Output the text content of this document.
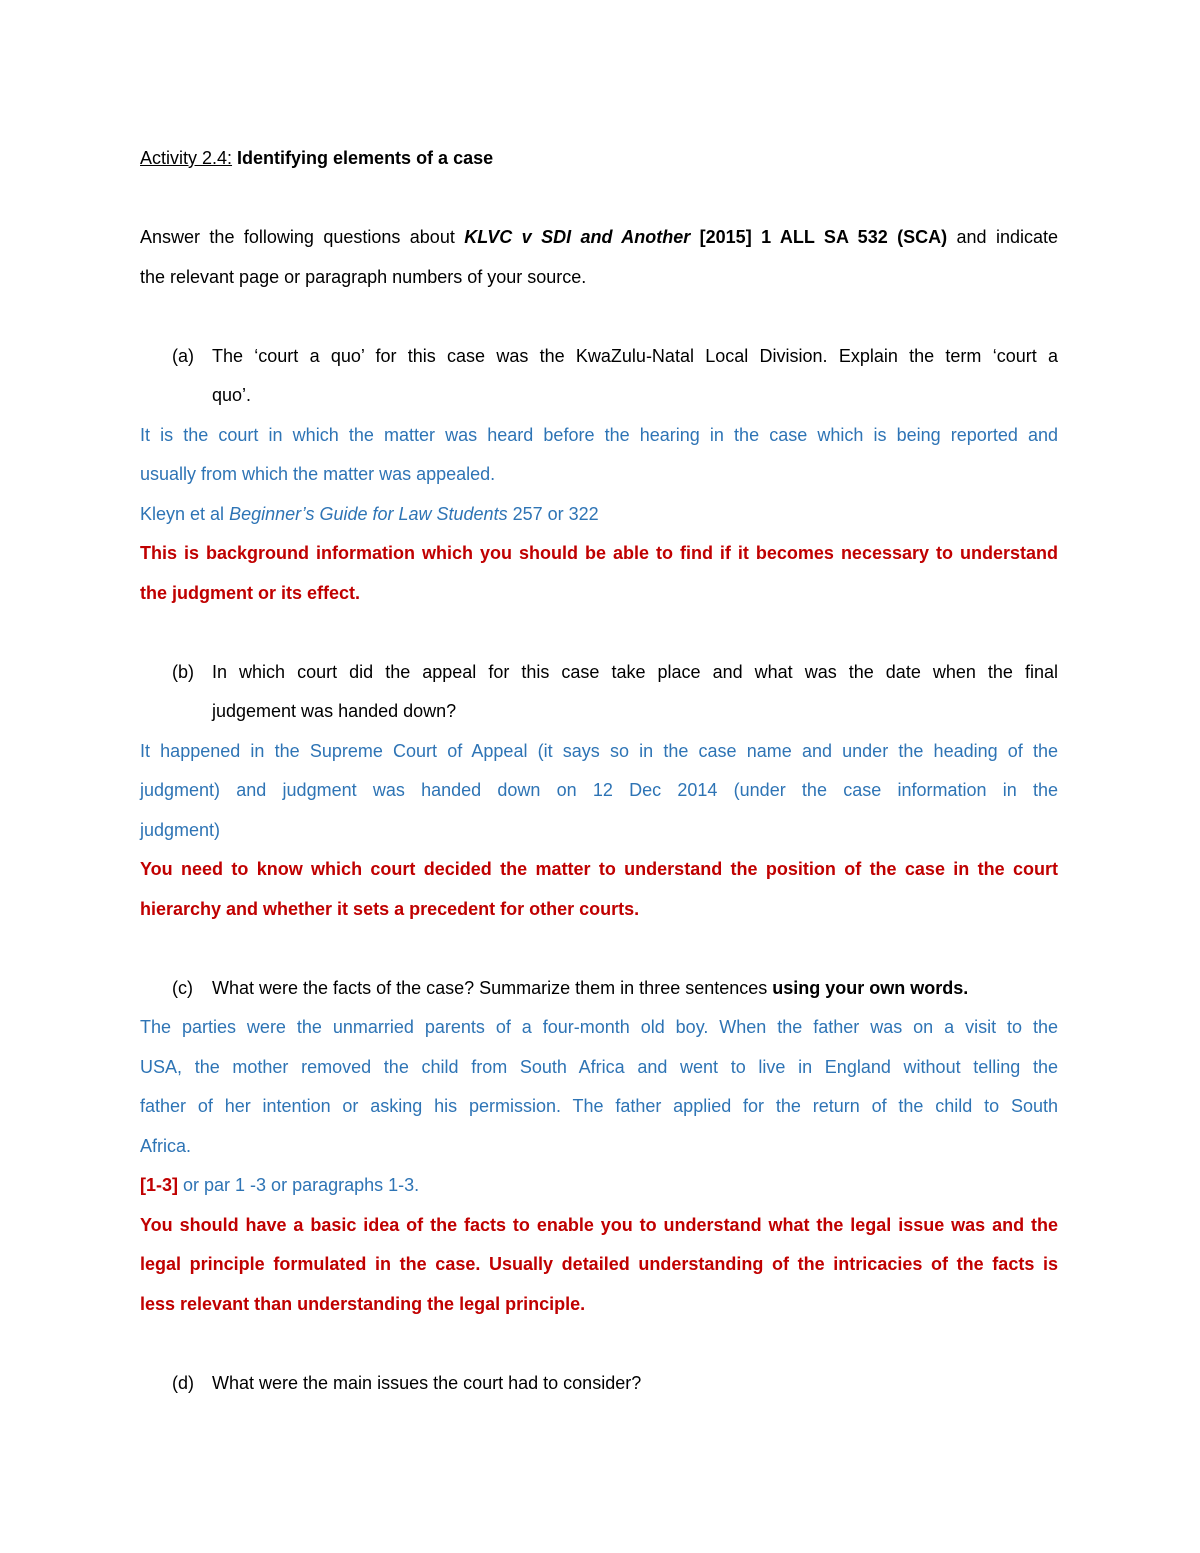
Activity 2.4: Identifying elements of a case
Answer the following questions about KLVC v SDI and Another [2015] 1 ALL SA 532 (SCA) and indicate
the relevant page or paragraph numbers of your source.
(a)	The ‘court a quo’ for this case was the KwaZulu-Natal Local Division. Explain the term ‘court a
quo’.
It is the court in which the matter was heard before the hearing in the case which is being reported and
usually from which the matter was appealed.
Kleyn et al Beginner’s Guide for Law Students 257 or 322
This is background information which you should be able to find if it becomes necessary to understand
the judgment or its effect.
(b)	In which court did the appeal for this case take place and what was the date when the final
judgement was handed down?
It happened in the Supreme Court of Appeal (it says so in the case name and under the heading of the
judgment) and judgment was handed down on 12 Dec 2014 (under the case information in the
judgment)
You need to know which court decided the matter to understand the position of the case in the court
hierarchy and whether it sets a precedent for other courts.
(c)	What were the facts of the case? Summarize them in three sentences using your own words.
The parties were the unmarried parents of a four-month old boy. When the father was on a visit to the
USA, the mother removed the child from South Africa and went to live in England without telling the
father of her intention or asking his permission. The father applied for the return of the child to South
Africa.
[1-3] or par 1 -3 or paragraphs 1-3.
You should have a basic idea of the facts to enable you to understand what the legal issue was and the
legal principle formulated in the case. Usually detailed understanding of the intricacies of the facts is
less relevant than understanding the legal principle.
(d)	What were the main issues the court had to consider?
